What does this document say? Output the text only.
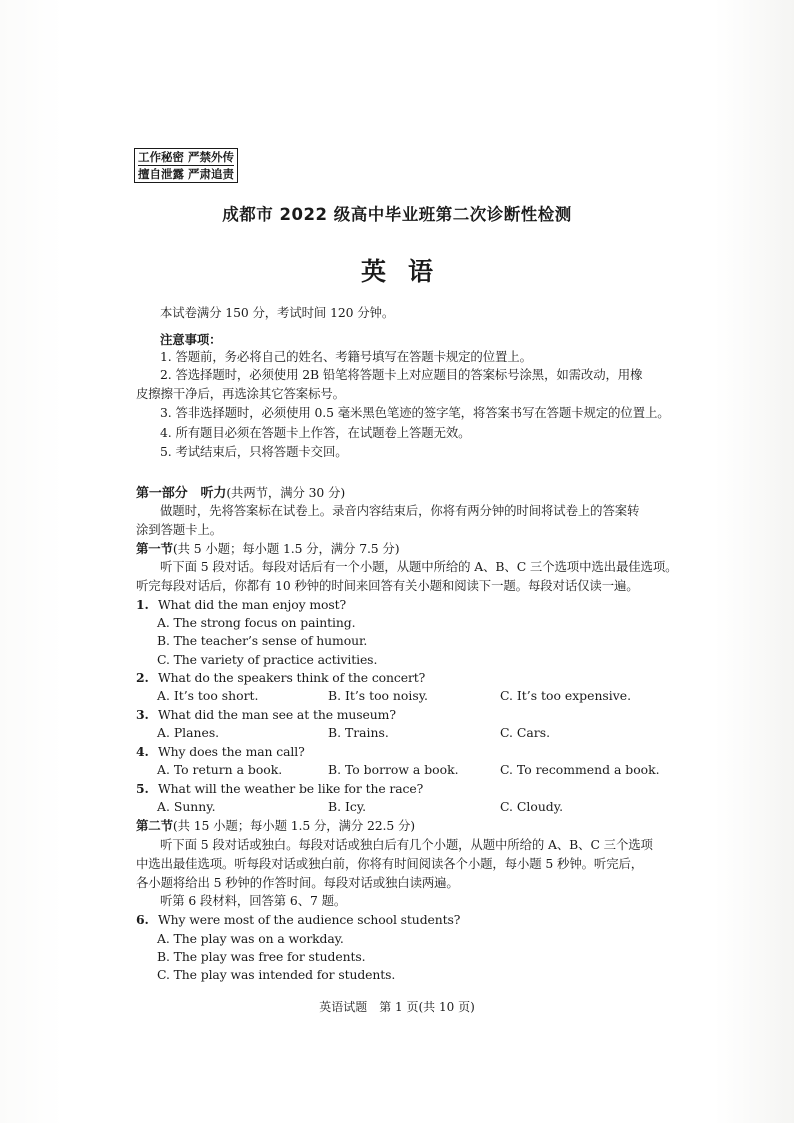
工作秘密 严禁外传
擅自泄露 严肃追责
成都市 2022 级高中毕业班第二次诊断性检测
英语
本试卷满分 150 分，考试时间 120 分钟。
注意事项：
1. 答题前，务必将自己的姓名、考籍号填写在答题卡规定的位置上。
2. 答选择题时，必须使用 2B 铅笔将答题卡上对应题目的答案标号涂黑，如需改动，用橡
皮擦擦干净后，再选涂其它答案标号。
3. 答非选择题时，必须使用 0.5 毫米黑色笔迹的签字笔，将答案书写在答题卡规定的位置上。
4. 所有题目必须在答题卡上作答，在试题卷上答题无效。
5. 考试结束后，只将答题卡交回。
第一部分　听力(共两节，满分 30 分)
做题时，先将答案标在试卷上。录音内容结束后，你将有两分钟的时间将试卷上的答案转
涂到答题卡上。
第一节(共 5 小题；每小题 1.5 分，满分 7.5 分)
听下面 5 段对话。每段对话后有一个小题，从题中所给的 A、B、C 三个选项中选出最佳选项。
听完每段对话后，你都有 10 秒钟的时间来回答有关小题和阅读下一题。每段对话仅读一遍。
1. What did the man enjoy most?
A. The strong focus on painting.
B. The teacher’s sense of humour.
C. The variety of practice activities.
2. What do the speakers think of the concert?
A. It’s too short.	B. It’s too noisy.	C. It’s too expensive.
3. What did the man see at the museum?
A. Planes.	B. Trains.	C. Cars.
4. Why does the man call?
A. To return a book.	B. To borrow a book.	C. To recommend a book.
5. What will the weather be like for the race?
A. Sunny.	B. Icy.	C. Cloudy.
第二节(共 15 小题；每小题 1.5 分，满分 22.5 分)
听下面 5 段对话或独白。每段对话或独白后有几个小题，从题中所给的 A、B、C 三个选项
中选出最佳选项。听每段对话或独白前，你将有时间阅读各个小题，每小题 5 秒钟。听完后，
各小题将给出 5 秒钟的作答时间。每段对话或独白读两遍。
听第 6 段材料，回答第 6、7 题。
6. Why were most of the audience school students?
A. The play was on a workday.
B. The play was free for students.
C. The play was intended for students.
英语试题　第 1 页(共 10 页)
